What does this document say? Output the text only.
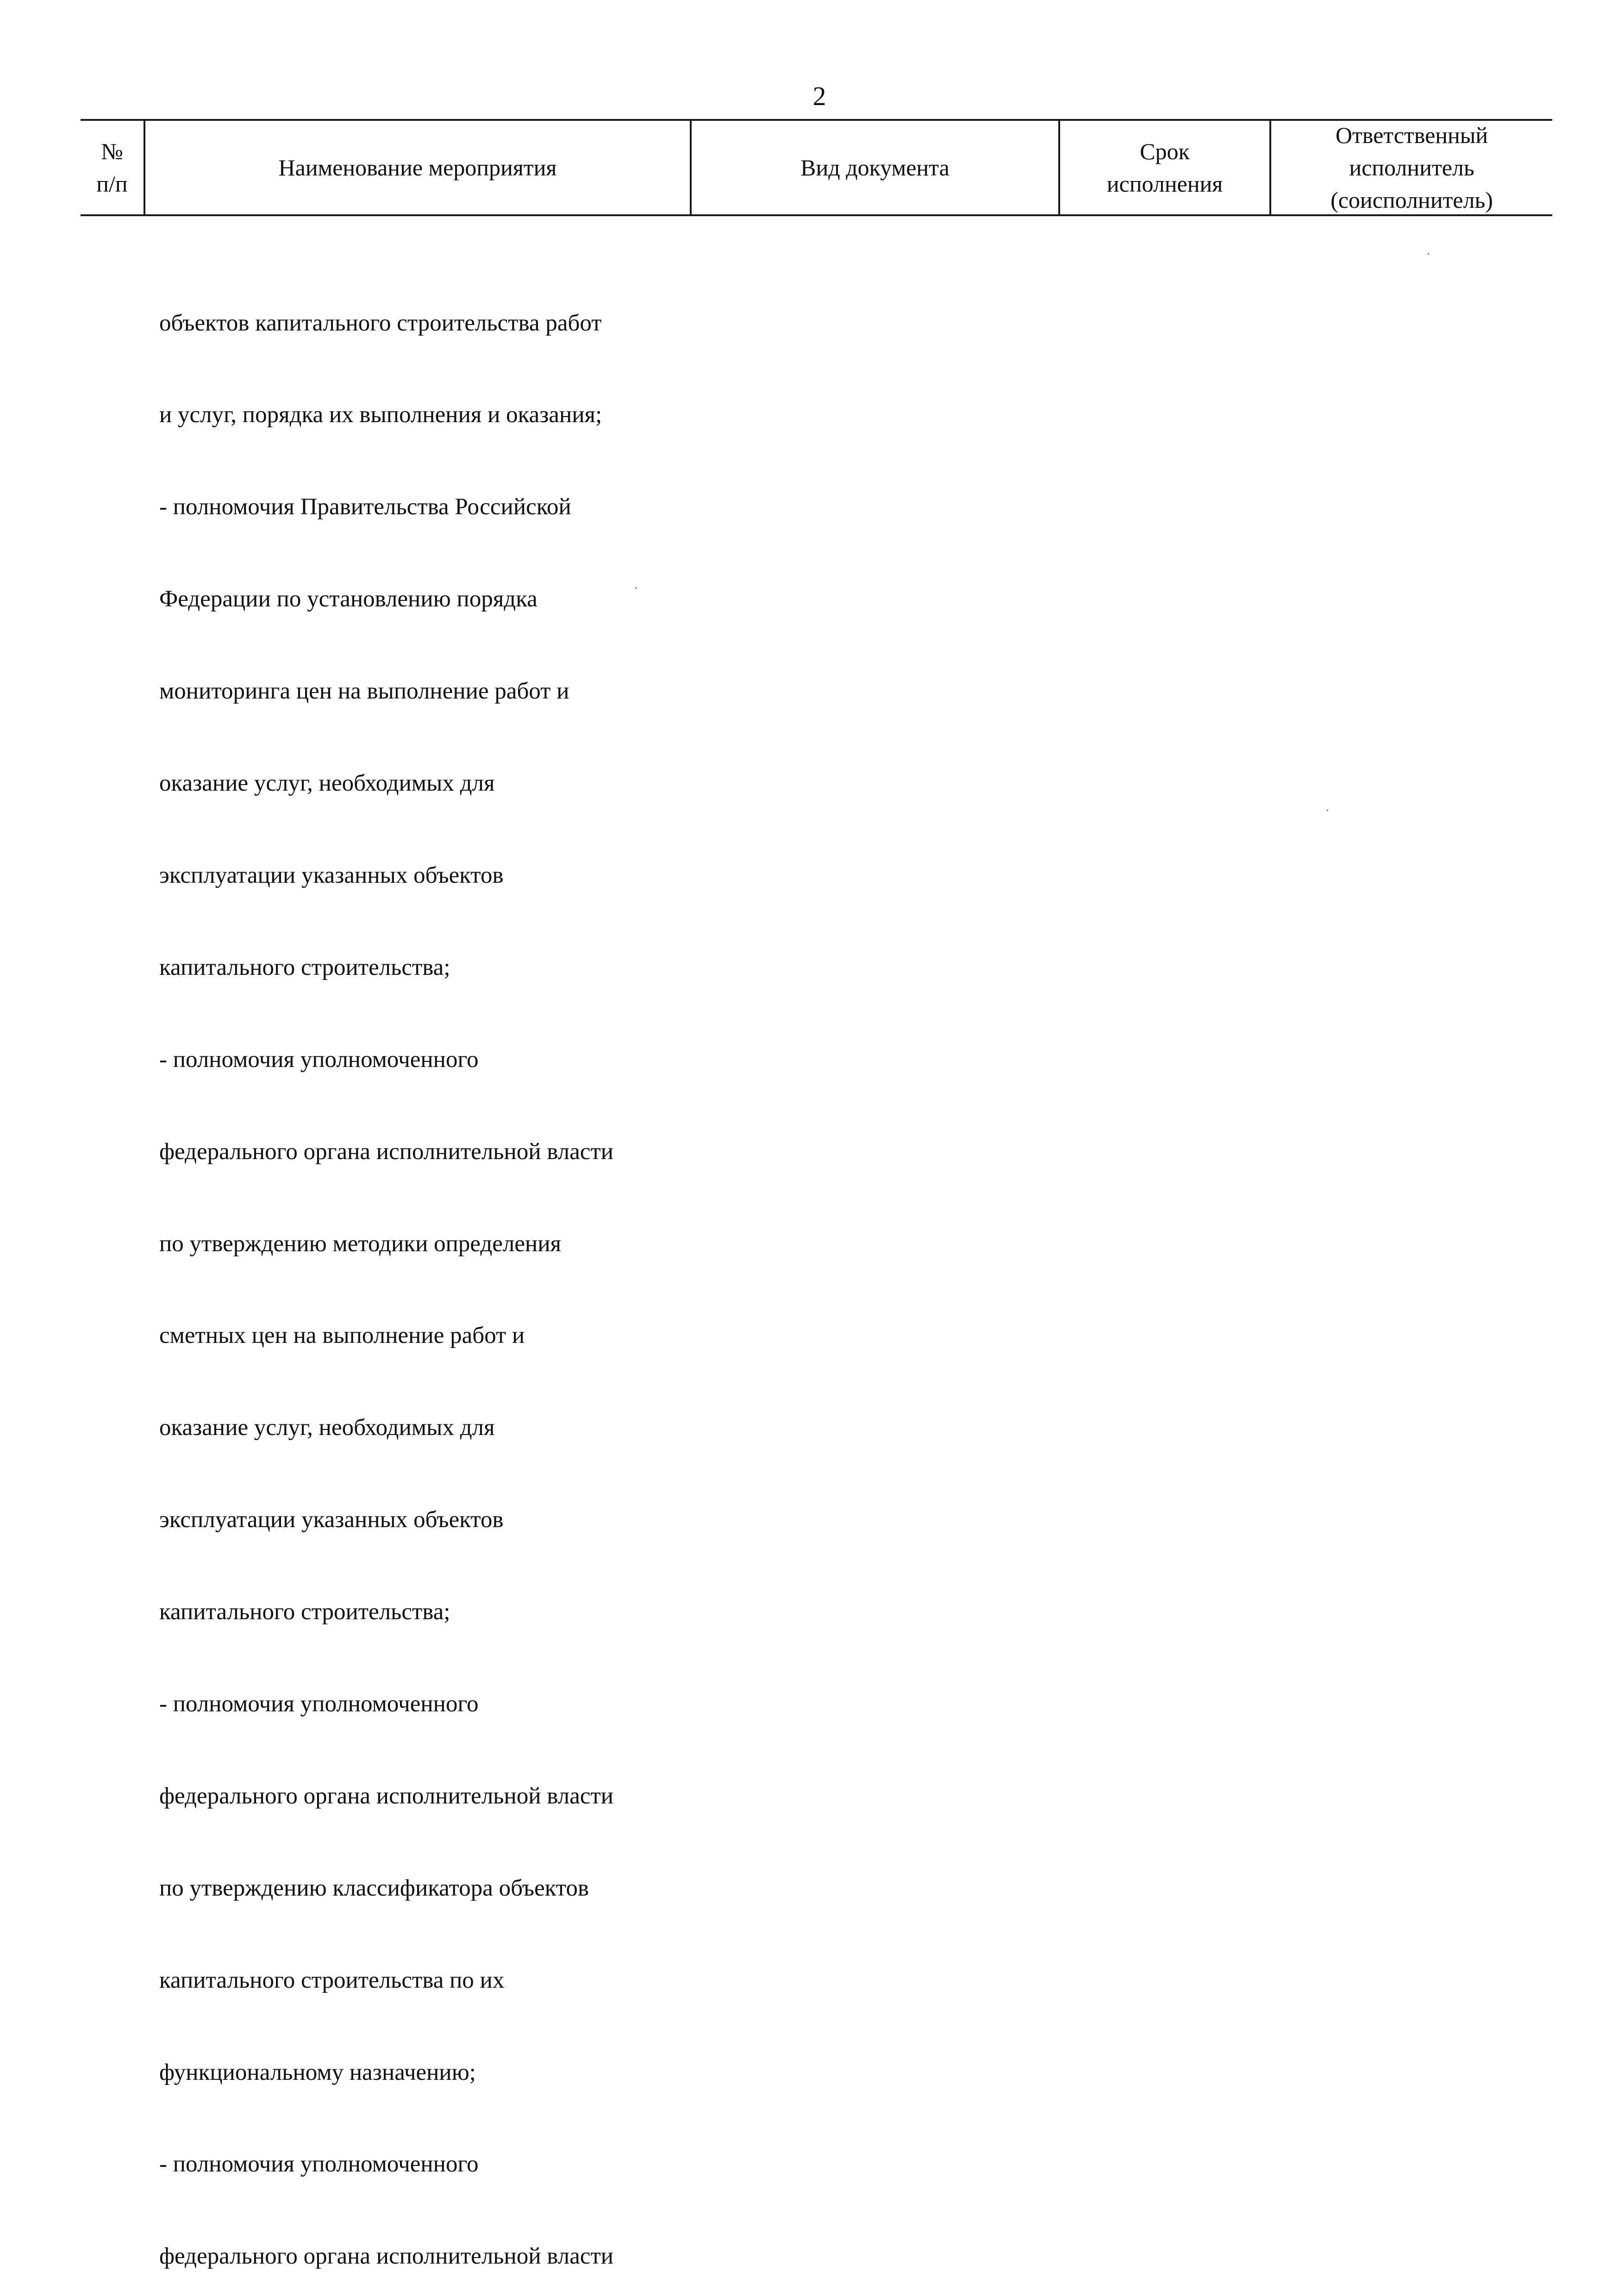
2
№
п/п
Наименование мероприятия	Вид документа
Срок
исполнения
Ответственный
исполнитель
(соисполнитель)

объектов капитального строительства работ

и услуг, порядка их выполнения и оказания;

- полномочия Правительства Российской

Федерации по установлению порядка

мониторинга цен на выполнение работ и

оказание услуг, необходимых для

эксплуатации указанных объектов

капитального строительства;

- полномочия уполномоченного

федерального органа исполнительной власти

по утверждению методики определения

сметных цен на выполнение работ и

оказание услуг, необходимых для

эксплуатации указанных объектов

капитального строительства;

- полномочия уполномоченного

федерального органа исполнительной власти

по утверждению классификатора объектов

капитального строительства по их

функциональному назначению;

- полномочия уполномоченного

федерального органа исполнительной власти
